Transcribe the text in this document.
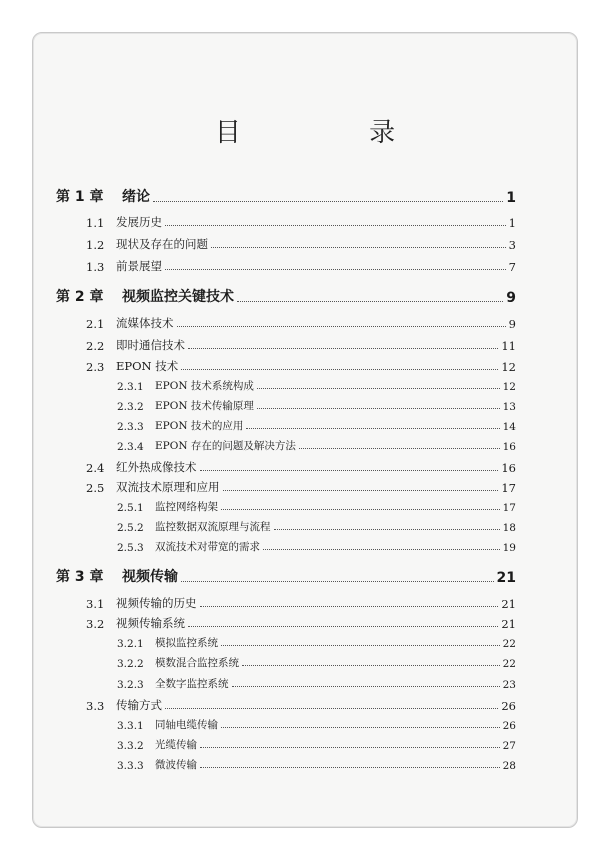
目 录
第 1 章	绪论	1
1.1	发展历史	1
1.2	现状及存在的问题	3
1.3	前景展望	7
第 2 章	视频监控关键技术	9
2.1	流媒体技术	9
2.2	即时通信技术	11
2.3	EPON 技术	12
2.3.1	EPON 技术系统构成	12
2.3.2	EPON 技术传输原理	13
2.3.3	EPON 技术的应用	14
2.3.4	EPON 存在的问题及解决方法	16
2.4	红外热成像技术	16
2.5	双流技术原理和应用	17
2.5.1	监控网络构架	17
2.5.2	监控数据双流原理与流程	18
2.5.3	双流技术对带宽的需求	19
第 3 章	视频传输	21
3.1	视频传输的历史	21
3.2	视频传输系统	21
3.2.1	模拟监控系统	22
3.2.2	模数混合监控系统	22
3.2.3	全数字监控系统	23
3.3	传输方式	26
3.3.1	同轴电缆传输	26
3.3.2	光缆传输	27
3.3.3	微波传输	28
